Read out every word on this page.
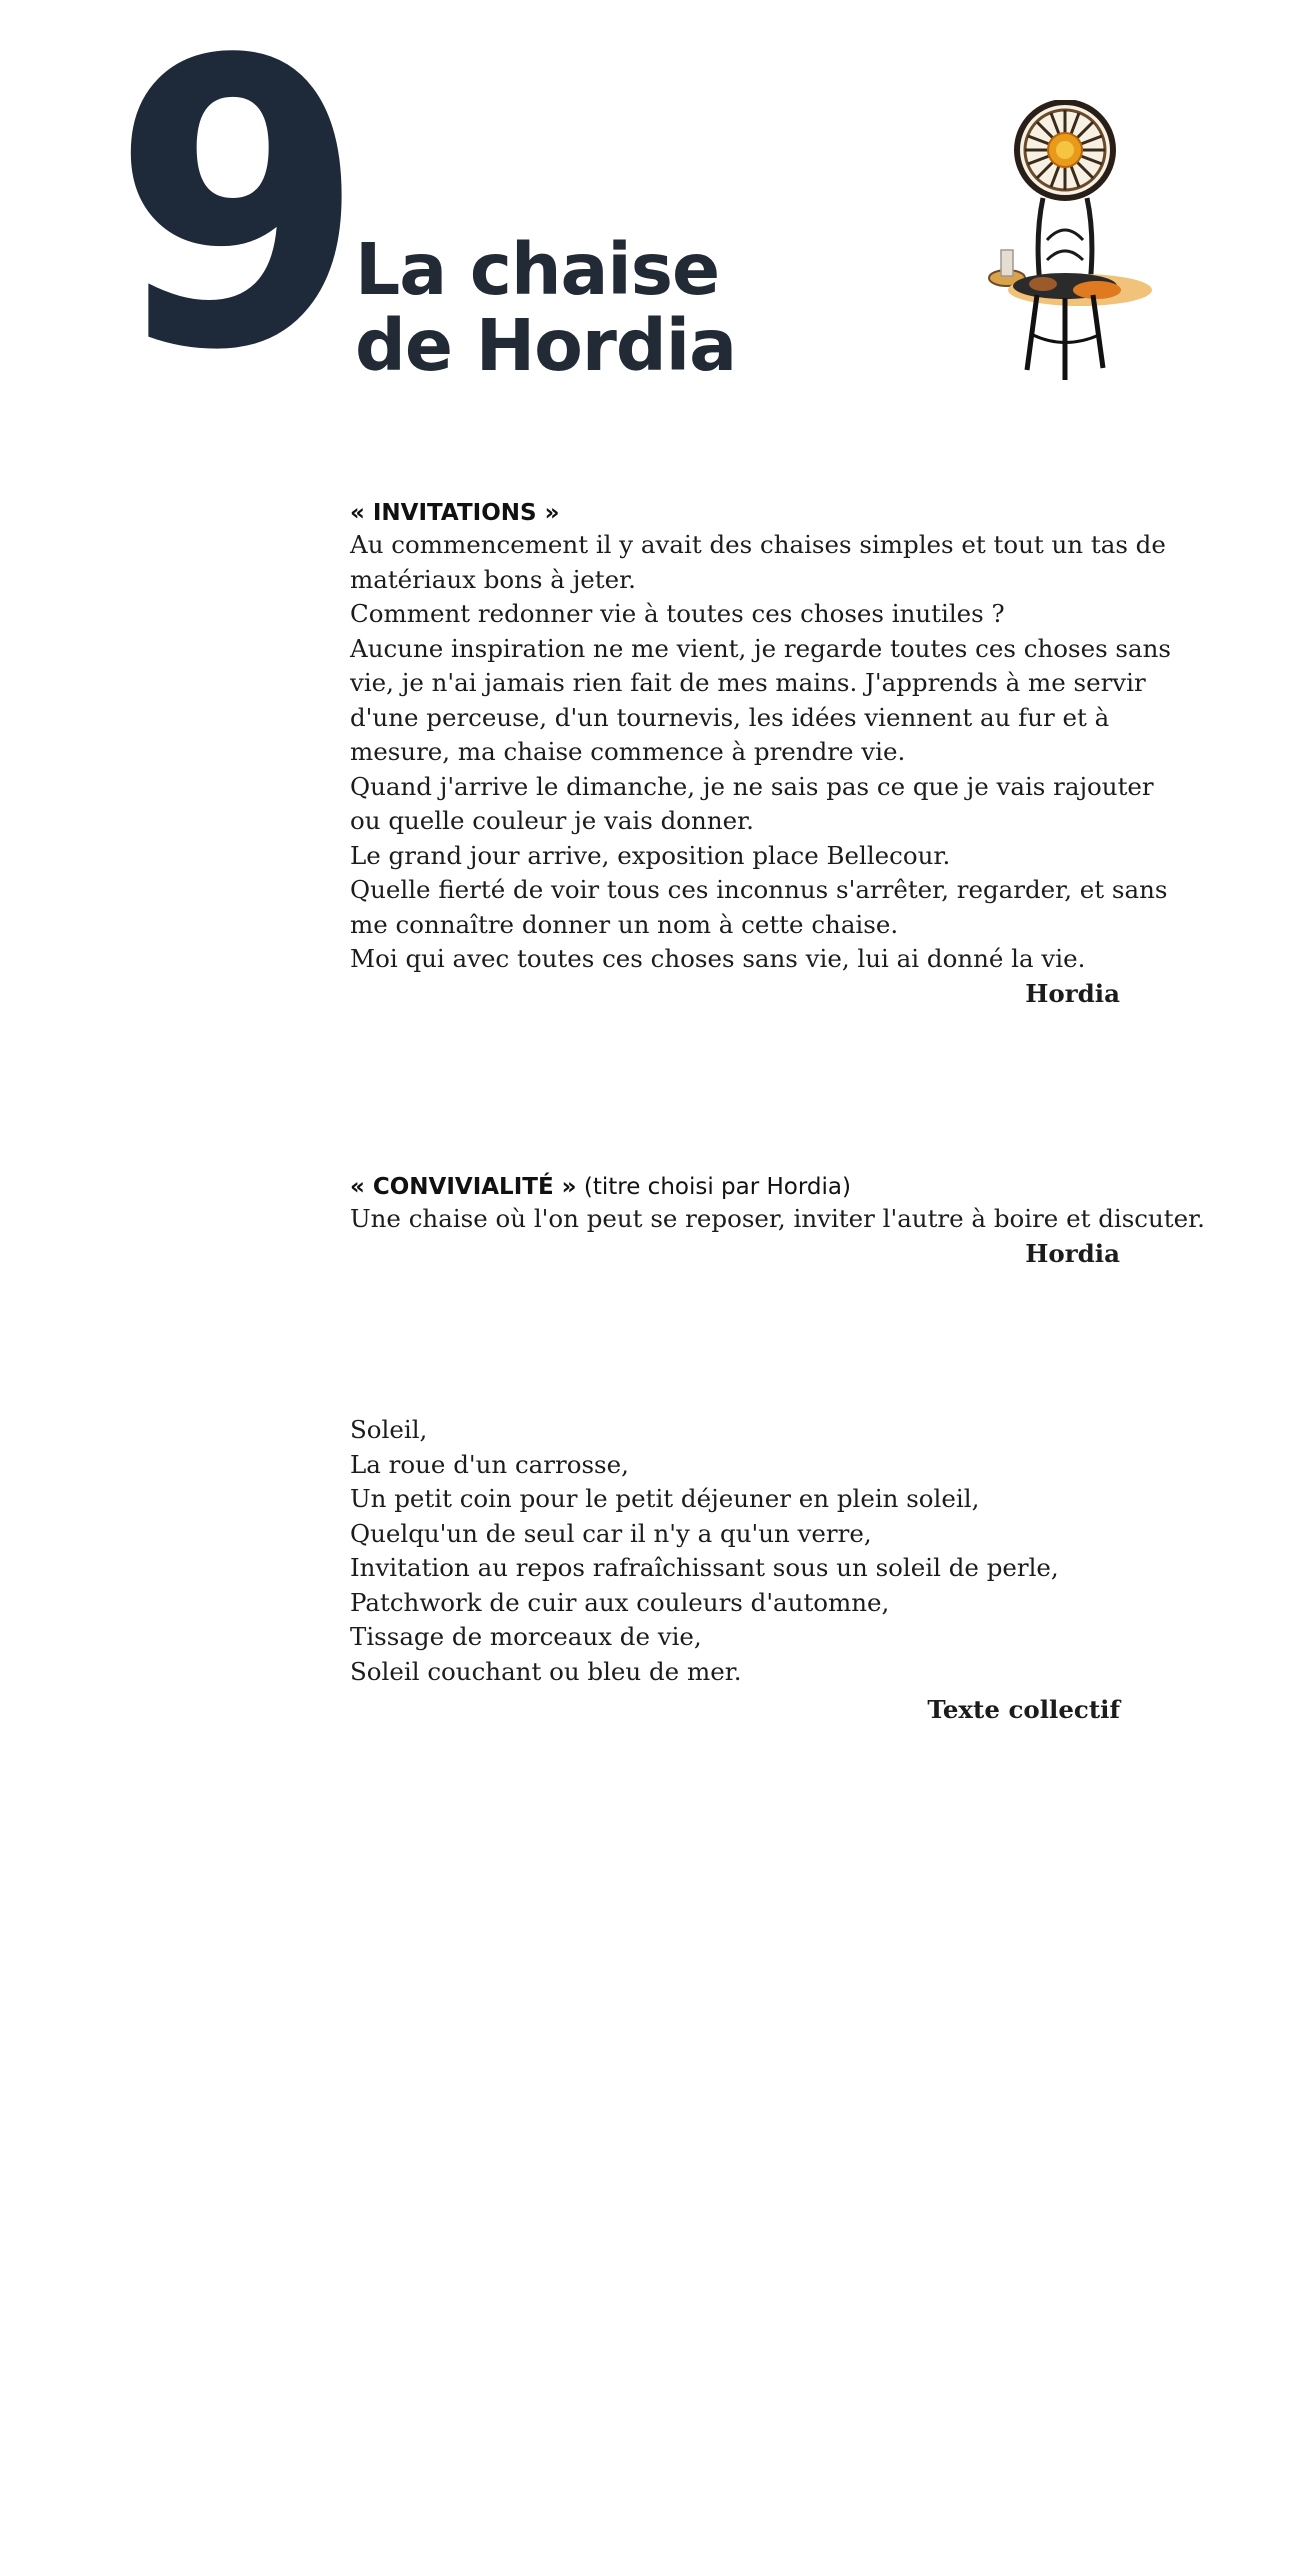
9 La chaise
de Hordia
« INVITATIONS »
Au commencement il y avait des chaises simples et tout un tas de
matériaux bons à jeter.
Comment redonner vie à toutes ces choses inutiles ?
Aucune inspiration ne me vient, je regarde toutes ces choses sans
vie, je n'ai jamais rien fait de mes mains. J'apprends à me servir
d'une perceuse, d'un tournevis, les idées viennent au fur et à
mesure, ma chaise commence à prendre vie.
Quand j'arrive le dimanche, je ne sais pas ce que je vais rajouter
ou quelle couleur je vais donner.
Le grand jour arrive, exposition place Bellecour.
Quelle fierté de voir tous ces inconnus s'arrêter, regarder, et sans
me connaître donner un nom à cette chaise.
Moi qui avec toutes ces choses sans vie, lui ai donné la vie.
Hordia
« CONVIVIALITÉ » (titre choisi par Hordia)
Une chaise où l'on peut se reposer, inviter l'autre à boire et discuter.
Hordia
Soleil,
La roue d'un carrosse,
Un petit coin pour le petit déjeuner en plein soleil,
Quelqu'un de seul car il n'y a qu'un verre,
Invitation au repos rafraîchissant sous un soleil de perle,
Patchwork de cuir aux couleurs d'automne,
Tissage de morceaux de vie,
Soleil couchant ou bleu de mer.
Texte collectif
